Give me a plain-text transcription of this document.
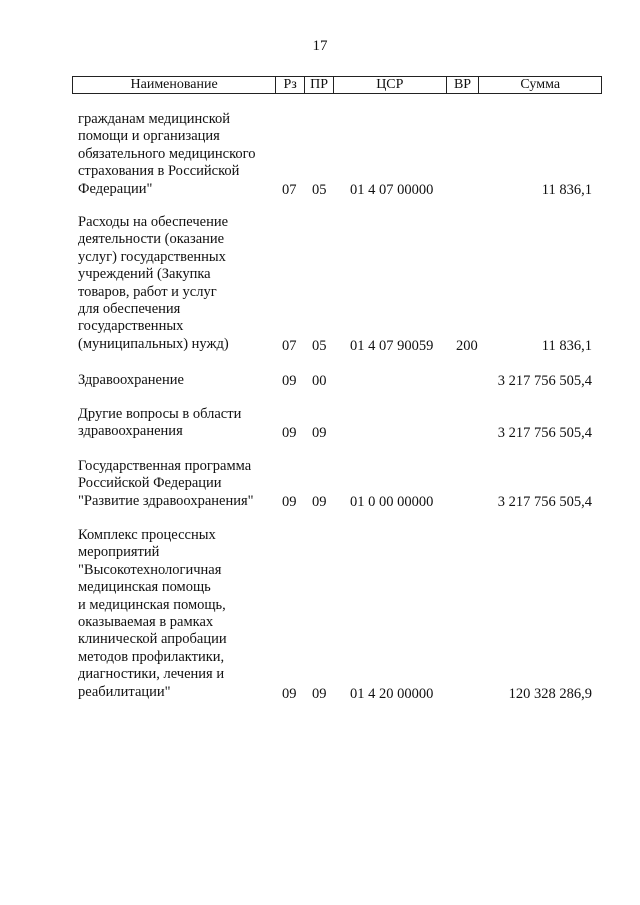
17
Наименование	Рз ПР	ЦСР	ВР	Сумма
гражданам медицинской
помощи и организация
обязательного медицинского
страхования в Российской
Федерации"	07 05 01 4 07 00000	11 836,1
Расходы на обеспечение
деятельности (оказание
услуг) государственных
учреждений (Закупка
товаров, работ и услуг
для обеспечения
государственных
(муниципальных) нужд)	07 05 01 4 07 90059 200	11 836,1
Здравоохранение	09 00	3 217 756 505,4
Другие вопросы в области
здравоохранения	09 09	3 217 756 505,4
Государственная программа
Российской Федерации
"Развитие здравоохранения"	09 09 01 0 00 00000	3 217 756 505,4
Комплекс процессных
мероприятий
"Высокотехнологичная
медицинская помощь
и медицинская помощь,
оказываемая в рамках
клинической апробации
методов профилактики,
диагностики, лечения и
реабилитации"	09 09 01 4 20 00000	120 328 286,9
